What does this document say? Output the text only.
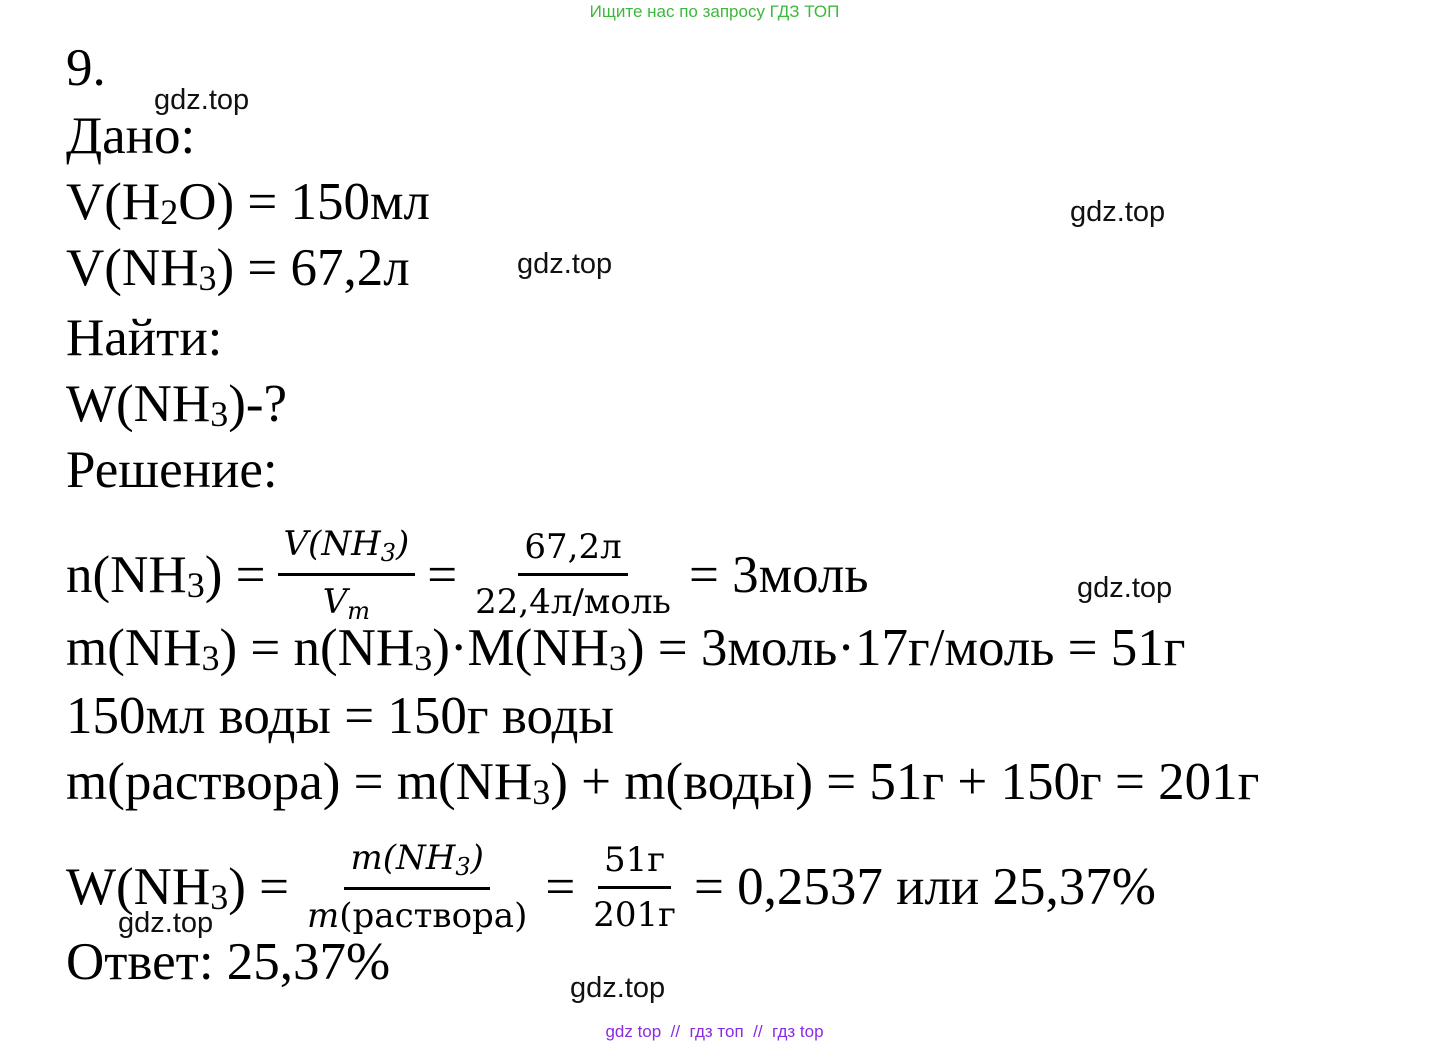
Ищите нас по запросу ГДЗ ТОП
gdz.top
gdz.top
gdz.top
gdz.top
gdz.top
gdz.top
9.
Дано:
V(H 2 O) = 150мл
V(NH 3 ) = 67,2л
Найти:
W(NH 3 )-?
Решение:
n(NH 3 ) = $\frac{V(NH3)}{Vm} = \frac{67,2л}{\text{22,4л/моль}}$ = 3моль
m(NH 3 ) = n(NH 3 )·M(NH 3 ) = 3моль·17г/моль = 51г
150мл воды = 150г воды
m(раствора) = m(NH 3 ) + m(воды) = 51г + 150г = 201г
W(NH 3 ) = $\frac{m(NH3)}{\text{m(раствора)}} = \frac{51г}{201г} = 0,2537$ или 25,37%
Ответ: 25,37%
gdz top  //  гдз топ  //  гдз top
